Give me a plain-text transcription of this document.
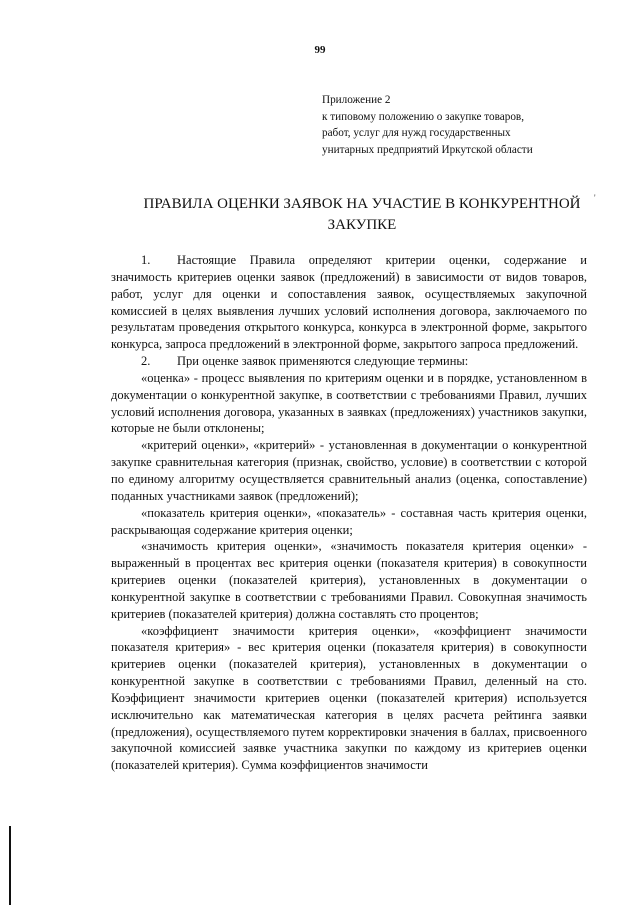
99
Приложение 2
к типовому положению о закупке товаров,
работ, услуг для нужд государственных
унитарных предприятий Иркутской области
ПРАВИЛА ОЦЕНКИ ЗАЯВОК НА УЧАСТИЕ В КОНКУРЕНТНОЙ ЗАКУПКЕ
'

1. Настоящие Правила определяют критерии оценки, содержание и значимость критериев оценки заявок (предложений) в зависимости от видов товаров, работ, услуг для оценки и сопоставления заявок, осуществляемых закупочной комиссией в целях выявления лучших условий исполнения договора, заключаемого по результатам проведения открытого конкурса, конкурса в электронной форме, закрытого конкурса, запроса предложений в электронной форме, закрытого запроса предложений.

2. При оценке заявок применяются следующие термины:

«оценка» - процесс выявления по критериям оценки и в порядке, установленном в документации о конкурентной закупке, в соответствии с требованиями Правил, лучших условий исполнения договора, указанных в заявках (предложениях) участников закупки, которые не были отклонены;

«критерий оценки», «критерий» - установленная в документации о конкурентной закупке сравнительная категория (признак, свойство, условие) в соответствии с которой по единому алгоритму осуществляется сравнительный анализ (оценка, сопоставление) поданных участниками заявок (предложений);

«показатель критерия оценки», «показатель» - составная часть критерия оценки, раскрывающая содержание критерия оценки;

«значимость критерия оценки», «значимость показателя критерия оценки» - выраженный в процентах вес критерия оценки (показателя критерия) в совокупности критериев оценки (показателей критерия), установленных в документации о конкурентной закупке в соответствии с требованиями Правил. Совокупная значимость критериев (показателей критерия) должна составлять сто процентов;

«коэффициент значимости критерия оценки», «коэффициент значимости показателя критерия» - вес критерия оценки (показателя критерия) в совокупности критериев оценки (показателей критерия), установленных в документации о конкурентной закупке в соответствии с требованиями Правил, деленный на сто. Коэффициент значимости критериев оценки (показателей критерия) используется исключительно как математическая категория в целях расчета рейтинга заявки (предложения), осуществляемого путем корректировки значения в баллах, присвоенного закупочной комиссией заявке участника закупки по каждому из критериев оценки (показателей критерия). Сумма коэффициентов значимости
